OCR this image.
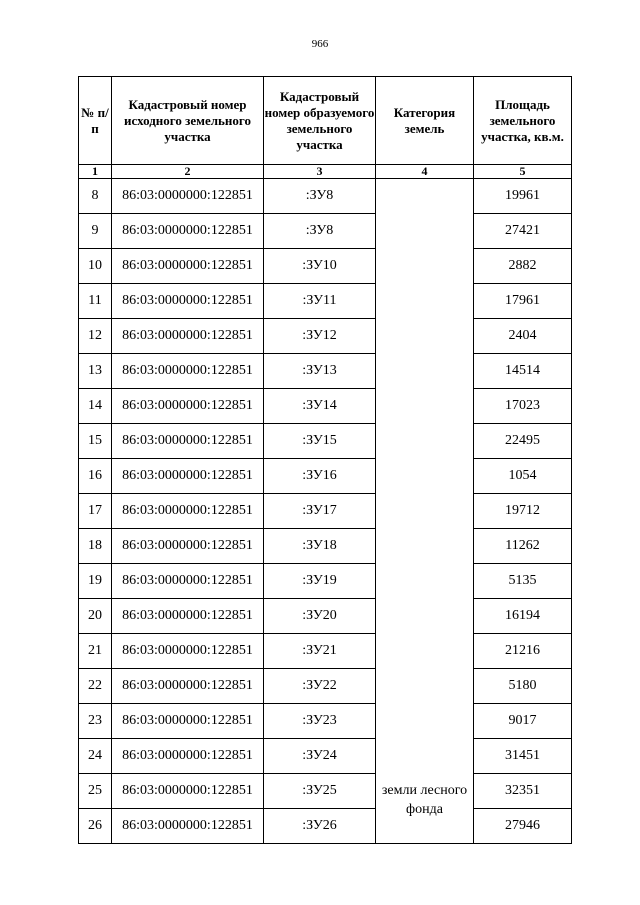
966
№ п/п	Кадастровый номер исходного земельного участка	Кадастровый номер образуемого земельного участка	Категория земель	Площадь земельного участка, кв.м.
1	2	3	4	5
8	86:03:0000000:122851	:ЗУ8	земли лесного фонда	19961
9	86:03:0000000:122851	:ЗУ8		27421
10	86:03:0000000:122851	:ЗУ10		2882
11	86:03:0000000:122851	:ЗУ11		17961
12	86:03:0000000:122851	:ЗУ12		2404
13	86:03:0000000:122851	:ЗУ13		14514
14	86:03:0000000:122851	:ЗУ14		17023
15	86:03:0000000:122851	:ЗУ15		22495
16	86:03:0000000:122851	:ЗУ16		1054
17	86:03:0000000:122851	:ЗУ17		19712
18	86:03:0000000:122851	:ЗУ18		11262
19	86:03:0000000:122851	:ЗУ19		5135
20	86:03:0000000:122851	:ЗУ20		16194
21	86:03:0000000:122851	:ЗУ21		21216
22	86:03:0000000:122851	:ЗУ22		5180
23	86:03:0000000:122851	:ЗУ23		9017
24	86:03:0000000:122851	:ЗУ24		31451
25	86:03:0000000:122851	:ЗУ25		32351
26	86:03:0000000:122851	:ЗУ26		27946
